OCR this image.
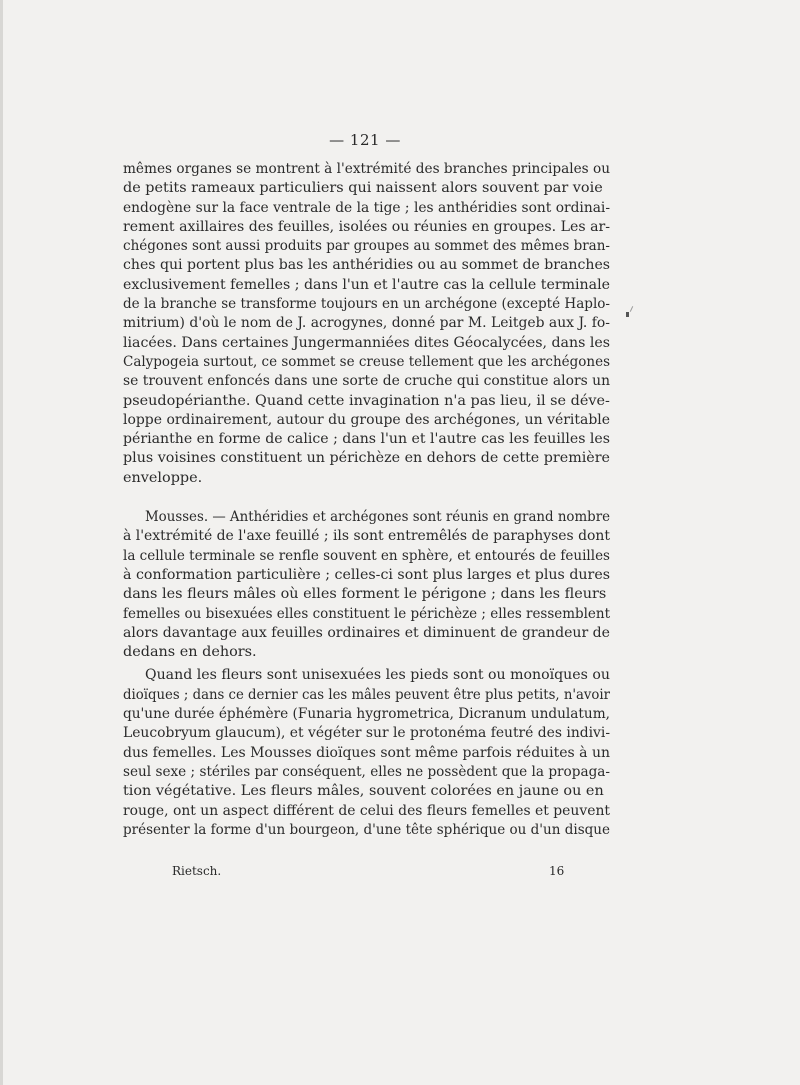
— 121 —
mêmes organes se montrent à l'extrémité des branches principales ou
de petits rameaux particuliers qui naissent alors souvent par voie
endogène sur la face ventrale de la tige ; les anthéridies sont ordinai-
rement axillaires des feuilles, isolées ou réunies en groupes. Les ar-
chégones sont aussi produits par groupes au sommet des mêmes bran-
ches qui portent plus bas les anthéridies ou au sommet de branches
exclusivement femelles ; dans l'un et l'autre cas la cellule terminale
de la branche se transforme toujours en un archégone (excepté Haplo-
mitrium) d'où le nom de J. acrogynes, donné par M. Leitgeb aux J. fo-
liacées. Dans certaines Jungermanniées dites Géocalycées, dans les
Calypogeia surtout, ce sommet se creuse tellement que les archégones
se trouvent enfoncés dans une sorte de cruche qui constitue alors un
pseudopérianthe. Quand cette invagination n'a pas lieu, il se déve-
loppe ordinairement, autour du groupe des archégones, un véritable
périanthe en forme de calice ; dans l'un et l'autre cas les feuilles les
plus voisines constituent un périchèze en dehors de cette première
enveloppe.
Mousses. — Anthéridies et archégones sont réunis en grand nombre
à l'extrémité de l'axe feuillé ; ils sont entremêlés de paraphyses dont
la cellule terminale se renfle souvent en sphère, et entourés de feuilles
à conformation particulière ; celles-ci sont plus larges et plus dures
dans les fleurs mâles où elles forment le périgone ; dans les fleurs
femelles ou bisexuées elles constituent le périchèze ; elles ressemblent
alors davantage aux feuilles ordinaires et diminuent de grandeur de
dedans en dehors.
Quand les fleurs sont unisexuées les pieds sont ou monoïques ou
dioïques ; dans ce dernier cas les mâles peuvent être plus petits, n'avoir
qu'une durée éphémère (Funaria hygrometrica, Dicranum undulatum,
Leucobryum glaucum), et végéter sur le protonéma feutré des indivi-
dus femelles. Les Mousses dioïques sont même parfois réduites à un
seul sexe ; stériles par conséquent, elles ne possèdent que la propaga-
tion végétative. Les fleurs mâles, souvent colorées en jaune ou en
rouge, ont un aspect différent de celui des fleurs femelles et peuvent
présenter la forme d'un bourgeon, d'une tête sphérique ou d'un disque
Rietsch.	16
